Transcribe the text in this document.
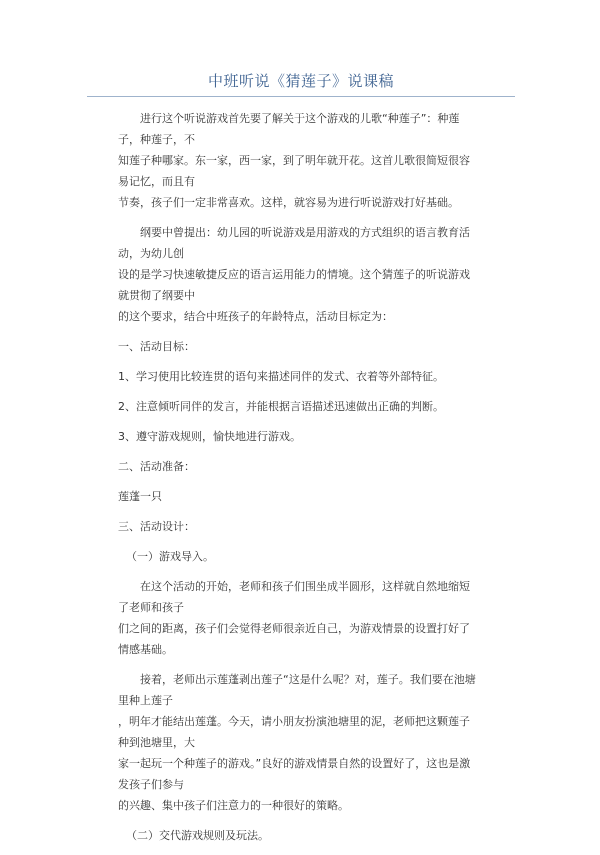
中班听说《猜莲子》说课稿

进行这个听说游戏首先要了解关于这个游戏的儿歌“种莲子”：种莲子，种莲子，不
知莲子种哪家。东一家，西一家，到了明年就开花。这首儿歌很简短很容易记忆，而且有
节奏，孩子们一定非常喜欢。这样，就容易为进行听说游戏打好基础。

纲要中曾提出：幼儿园的听说游戏是用游戏的方式组织的语言教育活动，为幼儿创
设的是学习快速敏捷反应的语言运用能力的情境。这个猜莲子的听说游戏就贯彻了纲要中
的这个要求，结合中班孩子的年龄特点，活动目标定为：

一、活动目标：

1、学习使用比较连贯的语句来描述同伴的发式、衣着等外部特征。

2、注意倾听同伴的发言，并能根据言语描述迅速做出正确的判断。

3、遵守游戏规则，愉快地进行游戏。

二、活动准备：

莲蓬一只

三、活动设计：

（一）游戏导入。

在这个活动的开始，老师和孩子们围坐成半圆形，这样就自然地缩短了老师和孩子
们之间的距离，孩子们会觉得老师很亲近自己，为游戏情景的设置打好了情感基础。

接着，老师出示莲蓬剥出莲子“这是什么呢？对，莲子。我们要在池塘里种上莲子
，明年才能结出莲蓬。今天，请小朋友扮演池塘里的泥，老师把这颗莲子种到池塘里，大
家一起玩一个种莲子的游戏。”良好的游戏情景自然的设置好了，这也是激发孩子们参与
的兴趣、集中孩子们注意力的一种很好的策略。

（二）交代游戏规则及玩法。
